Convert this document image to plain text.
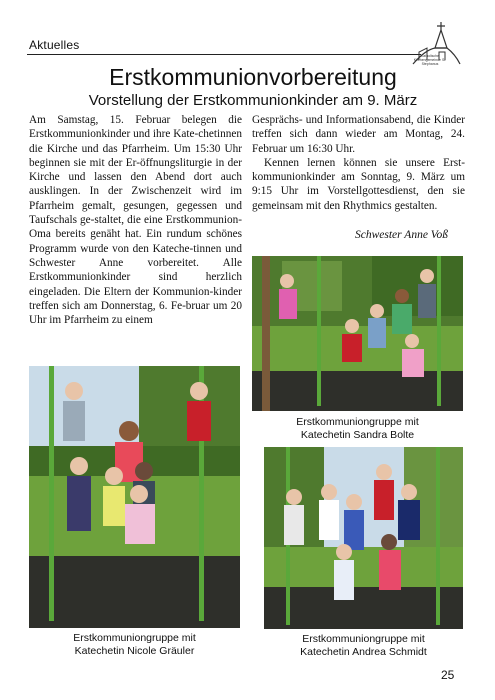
Aktuelles
Katholische Kirchengemeinde St. Stephanus
Erstkommunionvorbereitung
Vorstellung der Erstkommunionkinder am 9. März

Am Samstag, 15. Februar belegen die Erstkommunionkinder und ihre Kate-chetinnen die Kirche und das Pfarrheim. Um 15:30 Uhr beginnen sie mit der Er-öffnungsliturgie in der Kirche und lassen den Abend dort auch ausklingen. In der Zwischenzeit wird im Pfarrheim gemalt, gesungen, gegessen und Taufschals ge-staltet, die eine Erstkommunion-Oma bereits genäht hat. Ein rundum schönes Programm wurde von den Kateche-tinnen und Schwester Anne vorbereitet. Alle Erstkommunionkinder sind herzlich eingeladen. Die Eltern der Kommunion-kinder treffen sich am Donnerstag, 6. Fe-bruar um 20 Uhr im Pfarrheim zu einem

Gesprächs- und Informationsabend, die Kinder treffen sich dann wieder am Montag, 24. Februar um 16:30 Uhr.

Kennen lernen können sie unsere Erst-kommunionkinder am Sonntag, 9. März um 9:15 Uhr im Vorstellgottesdienst, den sie gemeinsam mit den Rhythmics gestalten.

Schwester Anne Voß
Erstkommuniongruppe mit
Katechetin Sandra Bolte
Erstkommuniongruppe mit
Katechetin Nicole Gräuler
Erstkommuniongruppe mit
Katechetin Andrea Schmidt
25
